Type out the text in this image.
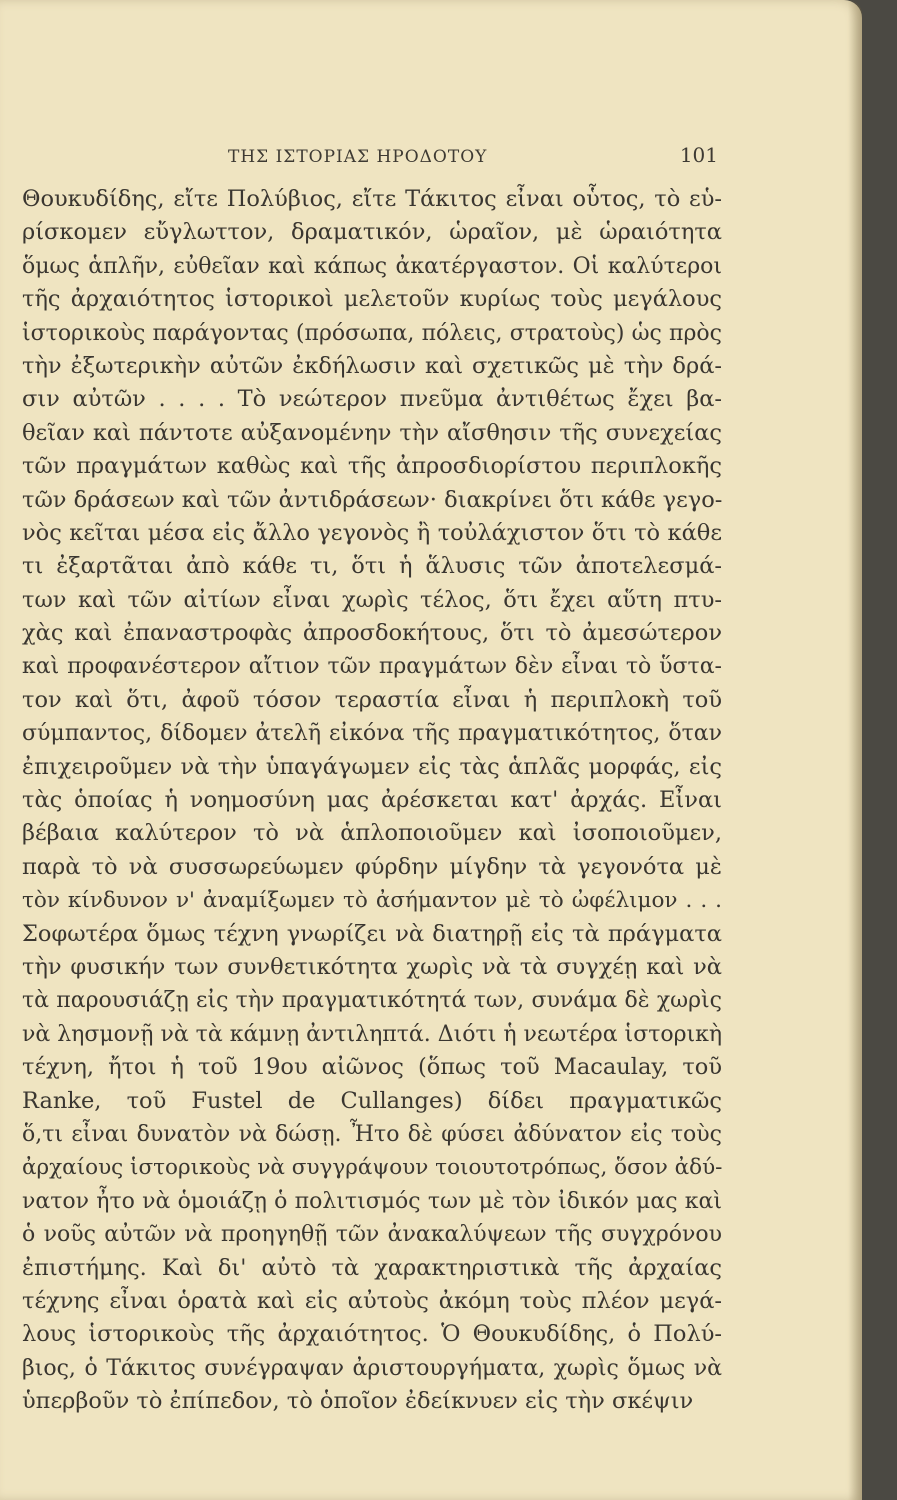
ΤΗΣ ΙΣΤΟΡΙΑΣ ΗΡΟΔΟΤΟΥ	101
Θουκυδίδης, εἴτε Πολύβιος, εἴτε Τάκιτος εἶναι οὗτος, τὸ εὑ-
ρίσκομεν εὔγλωττον, δραματικόν, ὡραῖον, μὲ ὡραιότητα
ὅμως ἁπλῆν, εὐθεῖαν καὶ κάπως ἀκατέργαστον. Οἱ καλύτεροι
τῆς ἀρχαιότητος ἱστορικοὶ μελετοῦν κυρίως τοὺς μεγάλους
ἱστορικοὺς παράγοντας (πρόσωπα, πόλεις, στρατοὺς) ὡς πρὸς
τὴν ἐξωτερικὴν αὐτῶν ἐκδήλωσιν καὶ σχετικῶς μὲ τὴν δρά-
σιν αὐτῶν . . . . Τὸ νεώτερον πνεῦμα ἀντιθέτως ἔχει βα-
θεῖαν καὶ πάντοτε αὐξανομένην τὴν αἴσθησιν τῆς συνεχείας
τῶν πραγμάτων καθὼς καὶ τῆς ἀπροσδιορίστου περιπλοκῆς
τῶν δράσεων καὶ τῶν ἀντιδράσεων· διακρίνει ὅτι κάθε γεγο-
νὸς κεῖται μέσα εἰς ἄλλο γεγονὸς ἢ τοὐλάχιστον ὅτι τὸ κάθε
τι ἐξαρτᾶται ἀπὸ κάθε τι, ὅτι ἡ ἅλυσις τῶν ἀποτελεσμά-
των καὶ τῶν αἰτίων εἶναι χωρὶς τέλος, ὅτι ἔχει αὕτη πτυ-
χὰς καὶ ἐπαναστροφὰς ἀπροσδοκήτους, ὅτι τὸ ἀμεσώτερον
καὶ προφανέστερον αἴτιον τῶν πραγμάτων δὲν εἶναι τὸ ὕστα-
τον καὶ ὅτι, ἀφοῦ τόσον τεραστία εἶναι ἡ περιπλοκὴ τοῦ
σύμπαντος, δίδομεν ἀτελῆ εἰκόνα τῆς πραγματικότητος, ὅταν
ἐπιχειροῦμεν νὰ τὴν ὑπαγάγωμεν εἰς τὰς ἁπλᾶς μορφάς, εἰς
τὰς ὁποίας ἡ νοημοσύνη μας ἀρέσκεται κατ' ἀρχάς. Εἶναι
βέβαια καλύτερον τὸ νὰ ἁπλοποιοῦμεν καὶ ἰσοποιοῦμεν,
παρὰ τὸ νὰ συσσωρεύωμεν φύρδην μίγδην τὰ γεγονότα μὲ
τὸν κίνδυνον ν' ἀναμίξωμεν τὸ ἀσήμαντον μὲ τὸ ὠφέλιμον . . .
Σοφωτέρα ὅμως τέχνη γνωρίζει νὰ διατηρῇ εἰς τὰ πράγματα
τὴν φυσικήν των συνθετικότητα χωρὶς νὰ τὰ συγχέῃ καὶ νὰ
τὰ παρουσιάζῃ εἰς τὴν πραγματικότητά των, συνάμα δὲ χωρὶς
νὰ λησμονῇ νὰ τὰ κάμνῃ ἀντιληπτά. Διότι ἡ νεωτέρα ἱστορικὴ
τέχνη, ἤτοι ἡ τοῦ 19ου αἰῶνος (ὅπως τοῦ Macaulay, τοῦ
Ranke, τοῦ Fustel de Cullanges) δίδει πραγματικῶς
ὅ,τι εἶναι δυνατὸν νὰ δώσῃ. Ἦτο δὲ φύσει ἀδύνατον εἰς τοὺς
ἀρχαίους ἱστορικοὺς νὰ συγγράψουν τοιουτοτρόπως, ὅσον ἀδύ-
νατον ἦτο νὰ ὁμοιάζῃ ὁ πολιτισμός των μὲ τὸν ἰδικόν μας καὶ
ὁ νοῦς αὐτῶν νὰ προηγηθῇ τῶν ἀνακαλύψεων τῆς συγχρόνου
ἐπιστήμης. Καὶ δι' αὐτὸ τὰ χαρακτηριστικὰ τῆς ἀρχαίας
τέχνης εἶναι ὁρατὰ καὶ εἰς αὐτοὺς ἀκόμη τοὺς πλέον μεγά-
λους ἱστορικοὺς τῆς ἀρχαιότητος. Ὁ Θουκυδίδης, ὁ Πολύ-
βιος, ὁ Τάκιτος συνέγραψαν ἀριστουργήματα, χωρὶς ὅμως νὰ
ὑπερβοῦν τὸ ἐπίπεδον, τὸ ὁποῖον ἐδείκνυεν εἰς τὴν σκέψιν
